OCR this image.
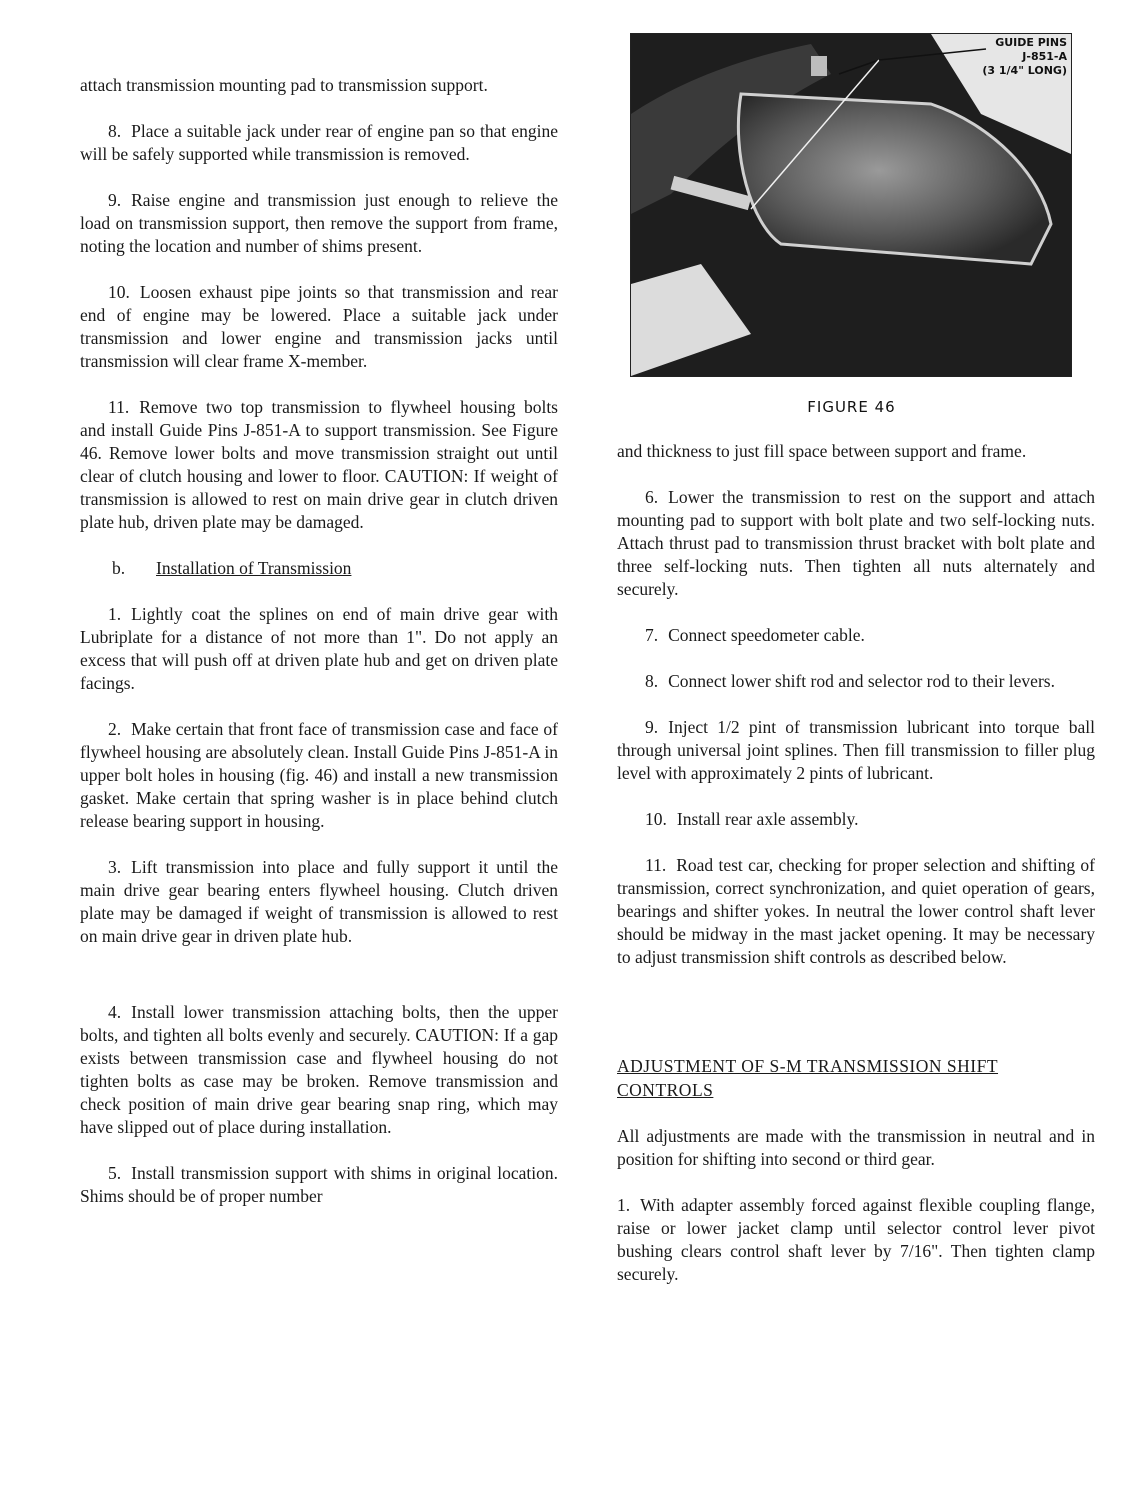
attach transmission mounting pad to transmission support.

8. Place a suitable jack under rear of engine pan so that engine will be safely supported while transmission is removed.

9. Raise engine and transmission just enough to relieve the load on transmission support, then remove the support from frame, noting the location and number of shims present.

10. Loosen exhaust pipe joints so that transmission and rear end of engine may be lowered. Place a suitable jack under transmission and lower engine and transmission jacks until transmission will clear frame X-member.

11. Remove two top transmission to flywheel housing bolts and install Guide Pins J-851-A to support transmission. See Figure 46. Remove lower bolts and move transmission straight out until clear of clutch housing and lower to floor. CAUTION: If weight of transmission is allowed to rest on main drive gear in clutch driven plate hub, driven plate may be damaged.

b. Installation of Transmission

1. Lightly coat the splines on end of main drive gear with Lubriplate for a distance of not more than 1". Do not apply an excess that will push off at driven plate hub and get on driven plate facings.

2. Make certain that front face of transmission case and face of flywheel housing are absolutely clean. Install Guide Pins J-851-A in upper bolt holes in housing (fig. 46) and install a new transmission gasket. Make certain that spring washer is in place behind clutch release bearing support in housing.

3. Lift transmission into place and fully support it until the main drive gear bearing enters flywheel housing. Clutch driven plate may be damaged if weight of transmission is allowed to rest on main drive gear in driven plate hub.

4. Install lower transmission attaching bolts, then the upper bolts, and tighten all bolts evenly and securely. CAUTION: If a gap exists between transmission case and flywheel housing do not tighten bolts as case may be broken. Remove transmission and check position of main drive gear bearing snap ring, which may have slipped out of place during installation.

5. Install transmission support with shims in original location. Shims should be of proper number

GUIDE PINS
J-851-A
(3 1/4" LONG)
FIGURE 46

and thickness to just fill space between support and frame.

6. Lower the transmission to rest on the support and attach mounting pad to support with bolt plate and two self-locking nuts. Attach thrust pad to transmission thrust bracket with bolt plate and three self-locking nuts. Then tighten all nuts alternately and securely.

7. Connect speedometer cable.

8. Connect lower shift rod and selector rod to their levers.

9. Inject 1/2 pint of transmission lubricant into torque ball through universal joint splines. Then fill transmission to filler plug level with approximately 2 pints of lubricant.

10. Install rear axle assembly.

11. Road test car, checking for proper selection and shifting of transmission, correct synchronization, and quiet operation of gears, bearings and shifter yokes. In neutral the lower control shaft lever should be midway in the mast jacket opening. It may be necessary to adjust transmission shift controls as described below.

ADJUSTMENT OF S-M TRANSMISSION SHIFT CONTROLS

All adjustments are made with the transmission in neutral and in position for shifting into second or third gear.

1. With adapter assembly forced against flexible coupling flange, raise or lower jacket clamp until selector control lever pivot bushing clears control shaft lever by 7/16". Then tighten clamp securely.
